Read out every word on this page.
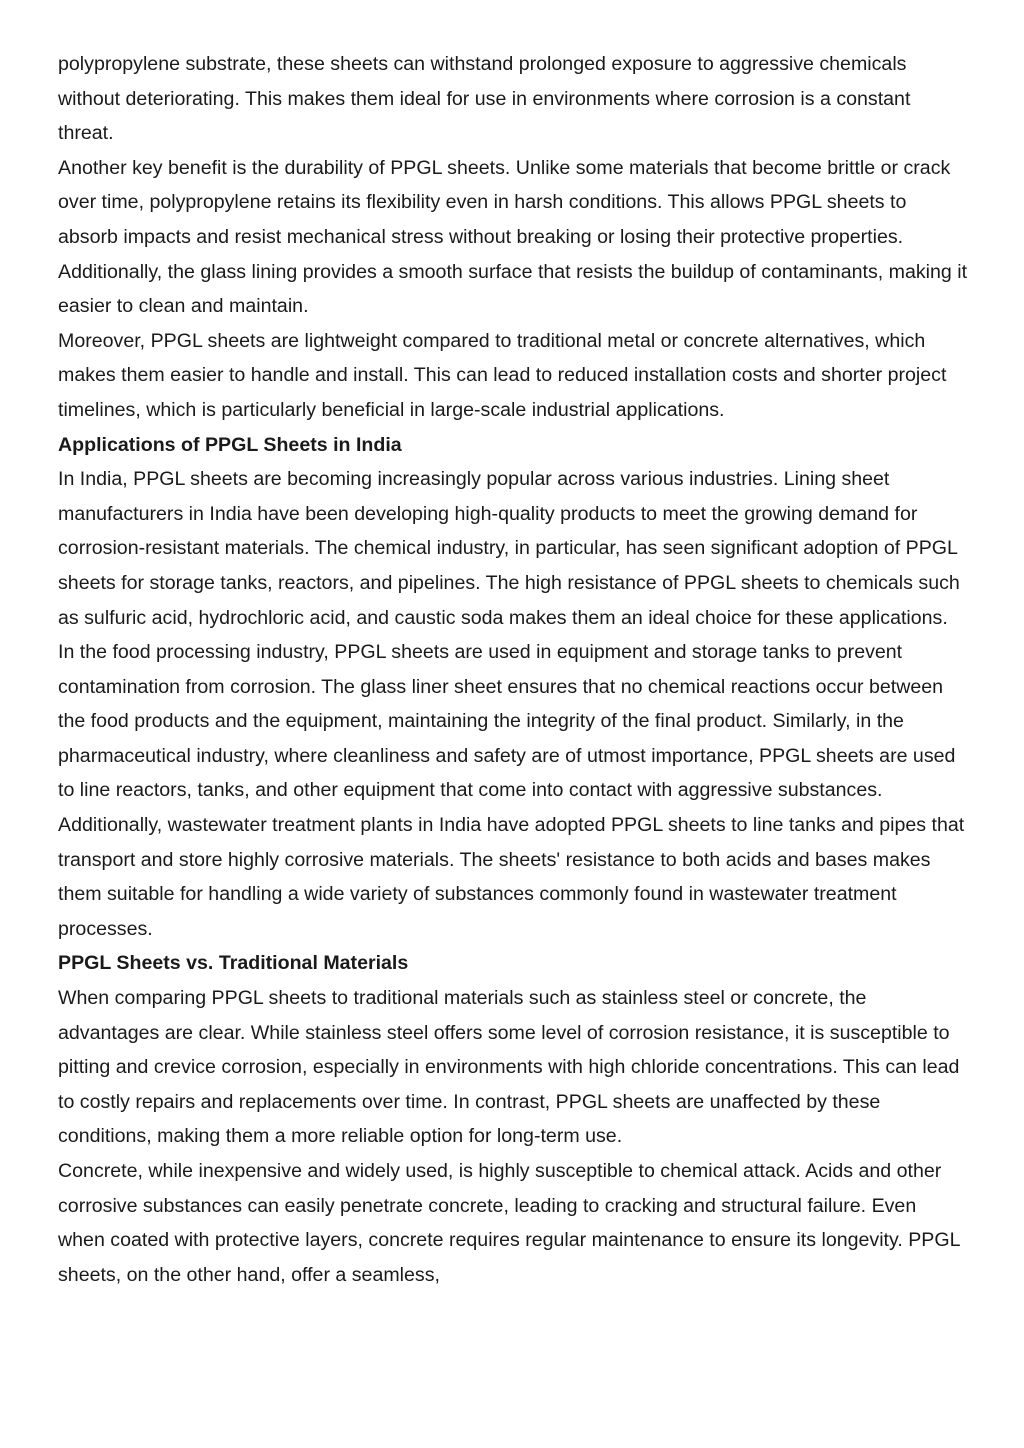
polypropylene substrate, these sheets can withstand prolonged exposure to aggressive chemicals without deteriorating. This makes them ideal for use in environments where corrosion is a constant threat.

Another key benefit is the durability of PPGL sheets. Unlike some materials that become brittle or crack over time, polypropylene retains its flexibility even in harsh conditions. This allows PPGL sheets to absorb impacts and resist mechanical stress without breaking or losing their protective properties. Additionally, the glass lining provides a smooth surface that resists the buildup of contaminants, making it easier to clean and maintain.

Moreover, PPGL sheets are lightweight compared to traditional metal or concrete alternatives, which makes them easier to handle and install. This can lead to reduced installation costs and shorter project timelines, which is particularly beneficial in large-scale industrial applications.

Applications of PPGL Sheets in India

In India, PPGL sheets are becoming increasingly popular across various industries. Lining sheet manufacturers in India have been developing high-quality products to meet the growing demand for corrosion-resistant materials. The chemical industry, in particular, has seen significant adoption of PPGL sheets for storage tanks, reactors, and pipelines. The high resistance of PPGL sheets to chemicals such as sulfuric acid, hydrochloric acid, and caustic soda makes them an ideal choice for these applications.

In the food processing industry, PPGL sheets are used in equipment and storage tanks to prevent contamination from corrosion. The glass liner sheet ensures that no chemical reactions occur between the food products and the equipment, maintaining the integrity of the final product. Similarly, in the pharmaceutical industry, where cleanliness and safety are of utmost importance, PPGL sheets are used to line reactors, tanks, and other equipment that come into contact with aggressive substances.

Additionally, wastewater treatment plants in India have adopted PPGL sheets to line tanks and pipes that transport and store highly corrosive materials. The sheets' resistance to both acids and bases makes them suitable for handling a wide variety of substances commonly found in wastewater treatment processes.

PPGL Sheets vs. Traditional Materials

When comparing PPGL sheets to traditional materials such as stainless steel or concrete, the advantages are clear. While stainless steel offers some level of corrosion resistance, it is susceptible to pitting and crevice corrosion, especially in environments with high chloride concentrations. This can lead to costly repairs and replacements over time. In contrast, PPGL sheets are unaffected by these conditions, making them a more reliable option for long-term use.

Concrete, while inexpensive and widely used, is highly susceptible to chemical attack. Acids and other corrosive substances can easily penetrate concrete, leading to cracking and structural failure. Even when coated with protective layers, concrete requires regular maintenance to ensure its longevity. PPGL sheets, on the other hand, offer a seamless,
